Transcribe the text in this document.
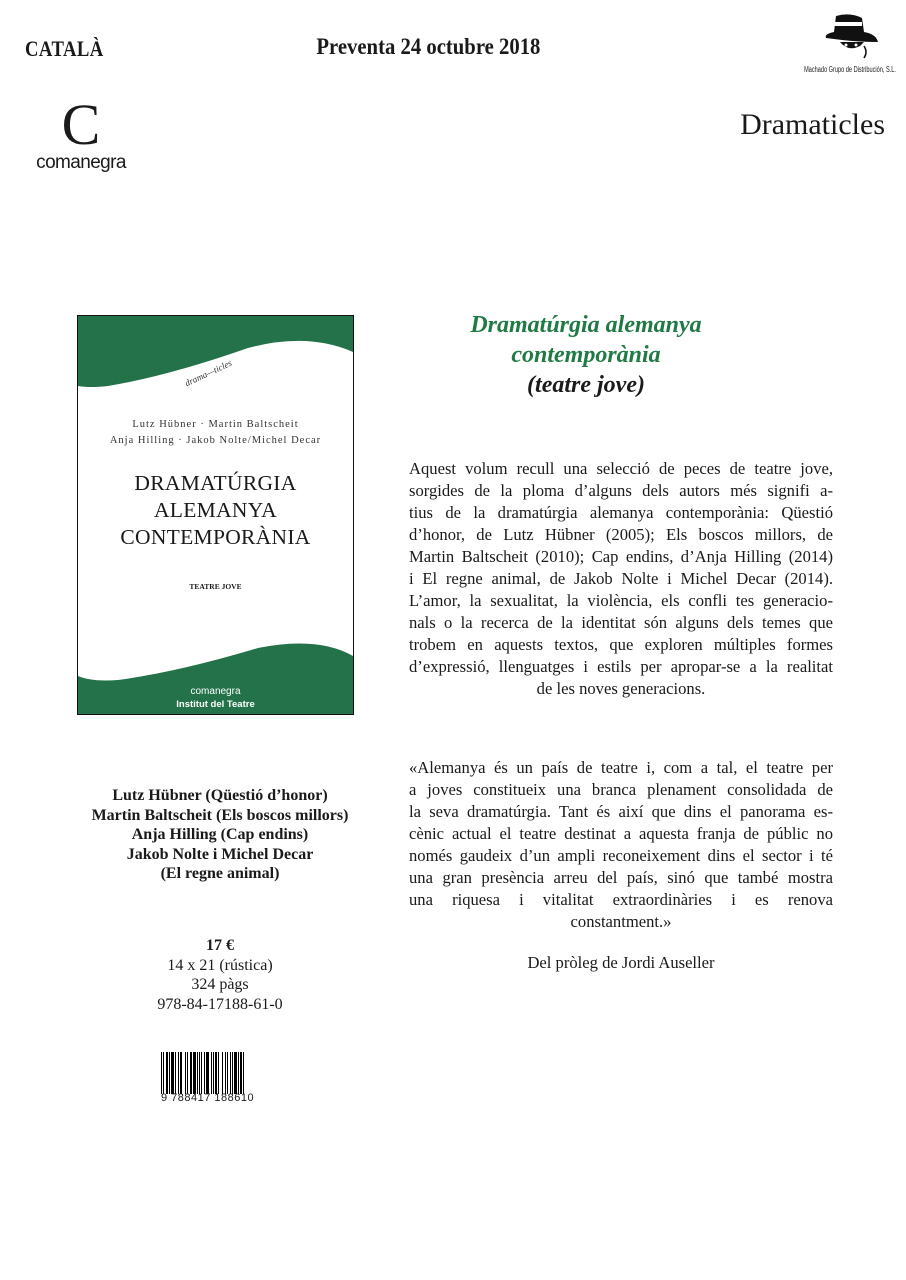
CATALÀ	Preventa 24 octubre 2018
Machado Grupo de Distribución, S.L.
C
comanegra
Dramaticles
drama—ticles
Lutz Hübner · Martin Baltscheit
Anja Hilling · Jakob Nolte/Michel Decar
DRAMATÚRGIA
ALEMANYA
CONTEMPORÀNIA
TEATRE JOVE
comanegra
Institut del Teatre
Dramatúrgia alemanya
contemporània
(teatre jove)
Aquest volum recull una selecció de peces de teatre jove,
sorgides de la ploma d’alguns dels autors més signifi a-
tius de la dramatúrgia alemanya contemporània: Qüestió
d’honor, de Lutz Hübner (2005); Els boscos millors, de
Martin Baltscheit (2010); Cap endins, d’Anja Hilling (2014)
i El regne animal, de Jakob Nolte i Michel Decar (2014).
L’amor, la sexualitat, la violència, els confli tes generacio-
nals o la recerca de la identitat són alguns dels temes que
trobem en aquests textos, que exploren múltiples formes
d’expressió, llenguatges i estils per apropar-se a la realitat
de les noves generacions.
«Alemanya és un país de teatre i, com a tal, el teatre per
a joves constitueix una branca plenament consolidada de
la seva dramatúrgia. Tant és així que dins el panorama es-
cènic actual el teatre destinat a aquesta franja de públic no
només gaudeix d’un ampli reconeixement dins el sector i té
una gran presència arreu del país, sinó que també mostra
una riquesa i vitalitat extraordinàries i es renova
constantment.»
Del pròleg de Jordi Auseller
Lutz Hübner (Qüestió d’honor)
Martin Baltscheit (Els boscos millors)
Anja Hilling (Cap endins)
Jakob Nolte i Michel Decar
(El regne animal)
17 €
14 x 21 (rústica)
324 pàgs
978-84-17188-61-0
9 788417 188610
